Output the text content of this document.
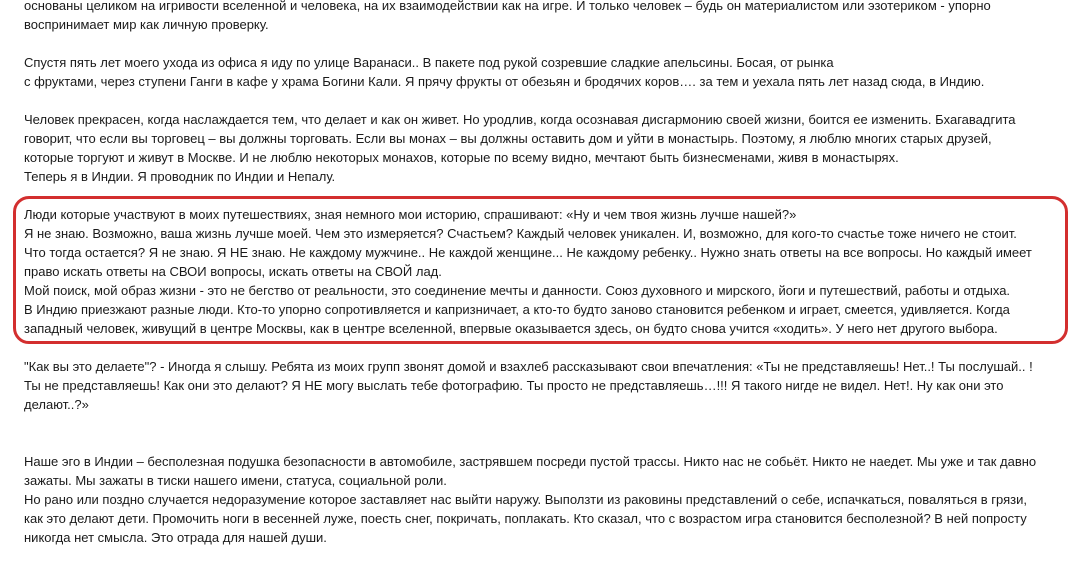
основаны целиком на игривости вселенной и человека, на их взаимодействии как на игре. И только человек – будь он материалистом или эзотериком - упорно
воспринимает мир как личную проверку.
Спустя пять лет моего ухода из офиса я иду по улице Варанаси.. В пакете под рукой созревшие сладкие апельсины. Босая, от рынка
с фруктами, через ступени Ганги в кафе у храма Богини Кали. Я прячу фрукты от обезьян и бродячих коров…. за тем и уехала пять лет назад сюда, в Индию.
Человек прекрасен, когда наслаждается тем, что делает и как он живет. Но уродлив, когда осознавая дисгармонию своей жизни, боится ее изменить. Бхагавадгита
говорит, что если вы торговец – вы должны торговать. Если вы монах – вы должны оставить дом и уйти в монастырь. Поэтому, я люблю многих старых друзей,
которые торгуют и живут в Москве. И не люблю некоторых монахов, которые по всему видно, мечтают быть бизнесменами, живя в монастырях.
Теперь я в Индии. Я проводник по Индии и Непалу.
Люди которые участвуют в моих путешествиях, зная немного мои историю, спрашивают: «Ну и чем твоя жизнь лучше нашей?»
Я не знаю. Возможно, ваша жизнь лучше моей. Чем это измеряется? Счастьем? Каждый человек уникален. И, возможно, для кого-то счастье тоже ничего не стоит.
Что тогда остается? Я не знаю. Я НЕ знаю. Не каждому мужчине.. Не каждой женщине... Не каждому ребенку.. Нужно знать ответы на все вопросы. Но каждый имеет
право искать ответы на СВОИ вопросы, искать ответы на СВОЙ лад.
Мой поиск, мой образ жизни - это не бегство от реальности, это соединение мечты и данности. Союз духовного и мирского, йоги и путешествий, работы и отдыха.
В Индию приезжают разные люди. Кто-то упорно сопротивляется и капризничает, а кто-то будто заново становится ребенком и играет, смеется, удивляется. Когда
западный человек, живущий в центре Москвы, как в центре вселенной, впервые оказывается здесь, он будто снова учится «ходить». У него нет другого выбора.
"Как вы это делаете"? - Иногда я слышу. Ребята из моих групп звонят домой и взахлеб рассказывают свои впечатления: «Ты не представляешь! Нет..! Ты послушай.. !
Ты не представляешь! Как они это делают? Я НЕ могу выслать тебе фотографию. Ты просто не представляешь…!!! Я такого нигде не видел. Нет!. Ну как они это
делают..?»
Наше эго в Индии – бесполезная подушка безопасности в автомобиле, застрявшем посреди пустой трассы. Никто нас не собьёт. Никто не наедет. Мы уже и так давно
зажаты. Мы зажаты в тиски нашего имени, статуса, социальной роли.
Но рано или поздно случается недоразумение которое заставляет нас выйти наружу. Выползти из раковины представлений о себе, испачкаться, поваляться в грязи,
как это делают дети. Промочить ноги в весенней луже, поесть снег, покричать, поплакать. Кто сказал, что с возрастом игра становится бесполезной? В ней попросту
никогда нет смысла. Это отрада для нашей души.
